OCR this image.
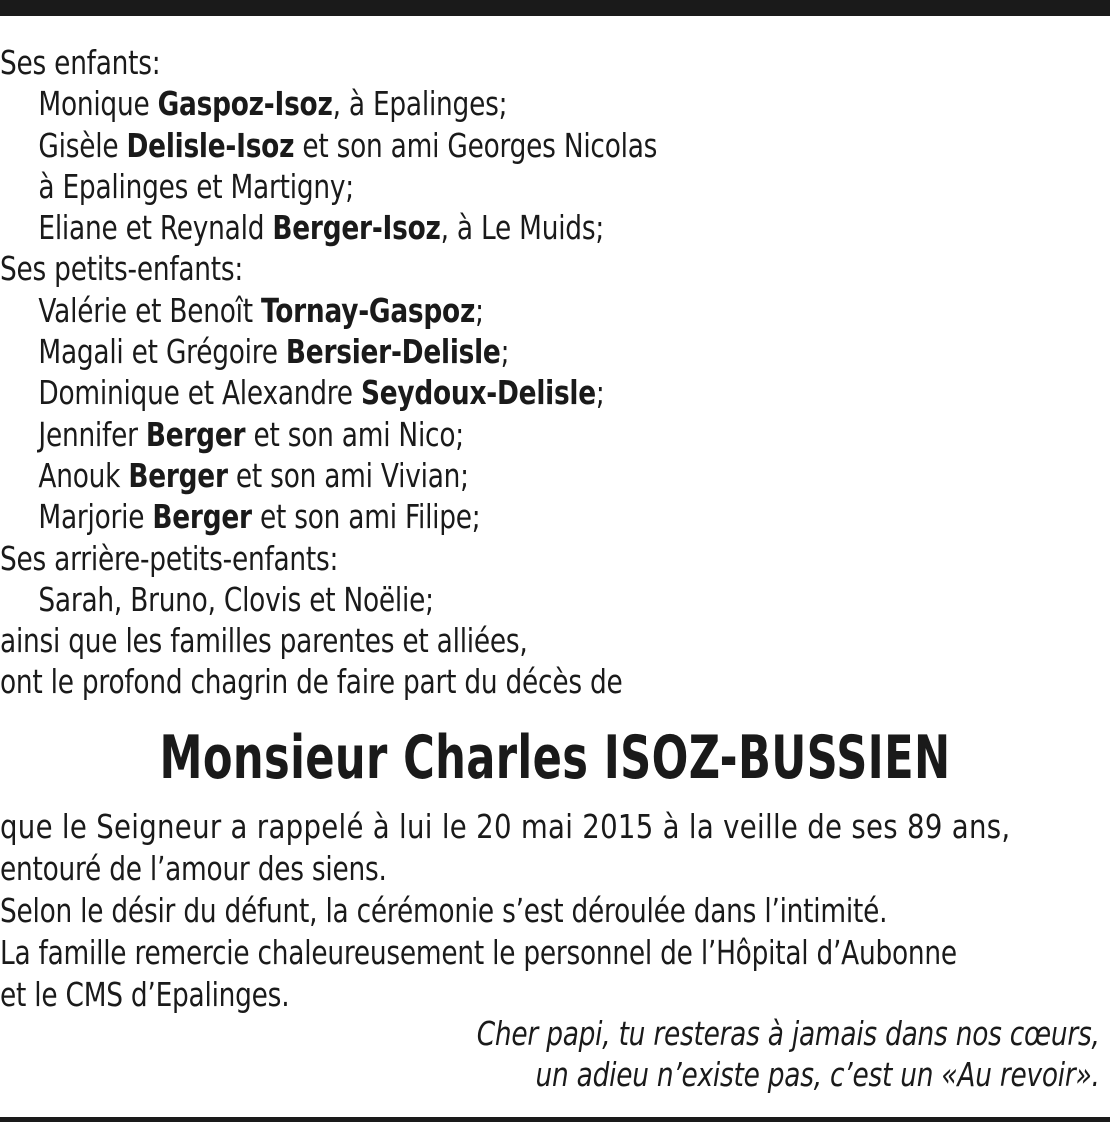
Ses enfants:
Monique Gaspoz-Isoz, à Epalinges;
Gisèle Delisle-Isoz et son ami Georges Nicolas
à Epalinges et Martigny;
Eliane et Reynald Berger-Isoz, à Le Muids;
Ses petits-enfants:
Valérie et Benoît Tornay-Gaspoz;
Magali et Grégoire Bersier-Delisle;
Dominique et Alexandre Seydoux-Delisle;
Jennifer Berger et son ami Nico;
Anouk Berger et son ami Vivian;
Marjorie Berger et son ami Filipe;
Ses arrière-petits-enfants:
Sarah, Bruno, Clovis et Noëlie;
ainsi que les familles parentes et alliées,
ont le profond chagrin de faire part du décès de
Monsieur Charles ISOZ-BUSSIEN
que le Seigneur a rappelé à lui le 20 mai 2015 à la veille de ses 89 ans,
entouré de l’amour des siens.
Selon le désir du défunt, la cérémonie s’est déroulée dans l’intimité.
La famille remercie chaleureusement le personnel de l’Hôpital d’Aubonne
et le CMS d’Epalinges.
Cher papi, tu resteras à jamais dans nos cœurs,
un adieu n’existe pas, c’est un «Au revoir».
